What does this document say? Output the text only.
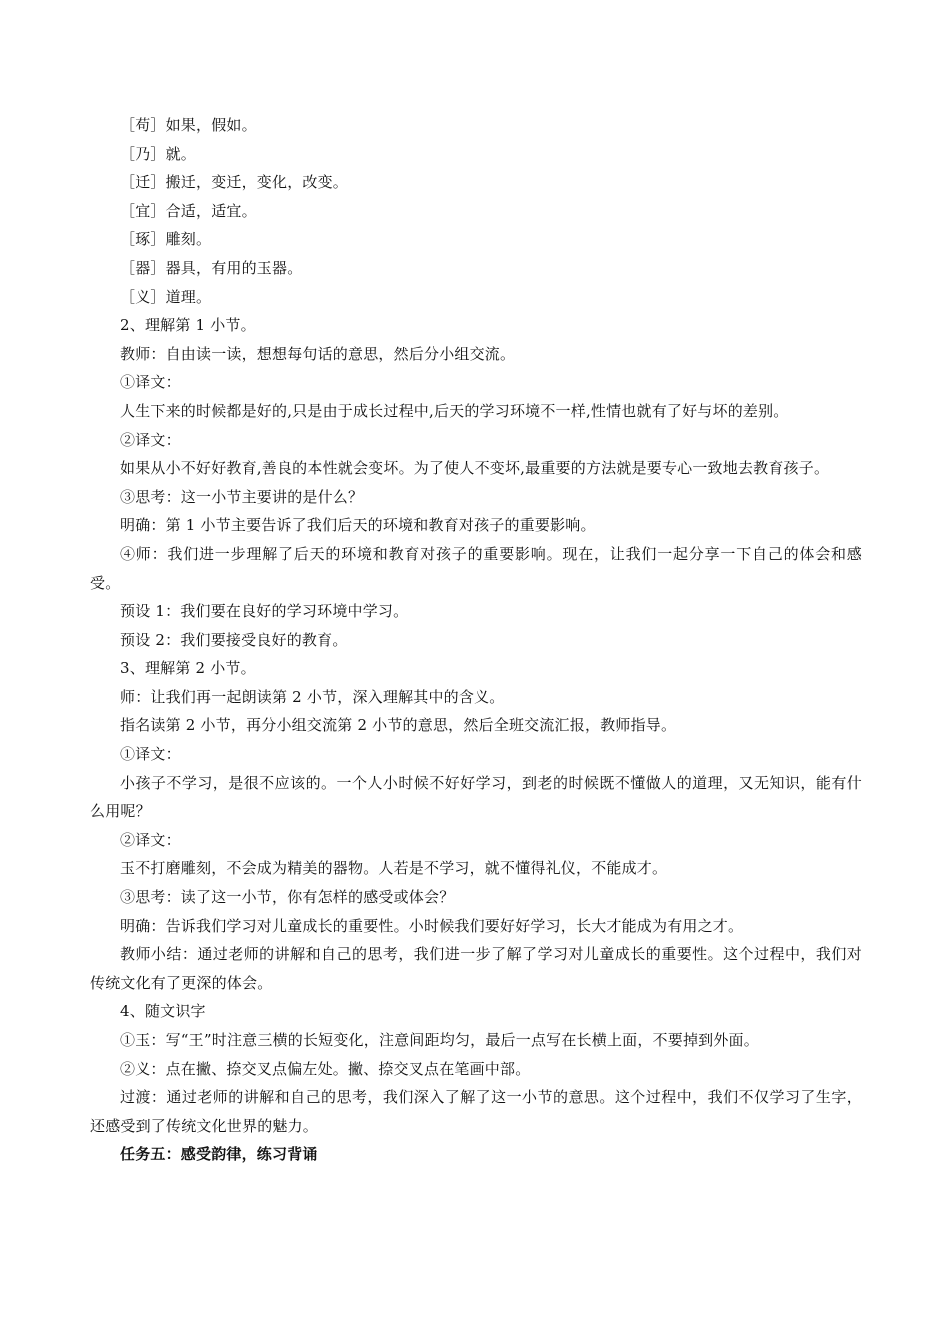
［苟］如果，假如。

［乃］就。

［迁］搬迁，变迁，变化，改变。

［宜］合适，适宜。

［琢］雕刻。

［器］器具，有用的玉器。

［义］道理。

2、理解第 1 小节。

教师：自由读一读，想想每句话的意思，然后分小组交流。

①译文：

人生下来的时候都是好的,只是由于成长过程中,后天的学习环境不一样,性情也就有了好与坏的差别。

②译文：

如果从小不好好教育,善良的本性就会变坏。为了使人不变坏,最重要的方法就是要专心一致地去教育孩子。

③思考：这一小节主要讲的是什么？

明确：第 1 小节主要告诉了我们后天的环境和教育对孩子的重要影响。

④师：我们进一步理解了后天的环境和教育对孩子的重要影响。现在，让我们一起分享一下自己的体会和感受。

预设 1：我们要在良好的学习环境中学习。

预设 2：我们要接受良好的教育。

3、理解第 2 小节。

师：让我们再一起朗读第 2 小节，深入理解其中的含义。

指名读第 2 小节，再分小组交流第 2 小节的意思，然后全班交流汇报，教师指导。

①译文：

小孩子不学习，是很不应该的。一个人小时候不好好学习，到老的时候既不懂做人的道理，又无知识，能有什么用呢？

②译文：

玉不打磨雕刻，不会成为精美的器物。人若是不学习，就不懂得礼仪，不能成才。

③思考：读了这一小节，你有怎样的感受或体会？

明确：告诉我们学习对儿童成长的重要性。小时候我们要好好学习，长大才能成为有用之才。

教师小结：通过老师的讲解和自己的思考，我们进一步了解了学习对儿童成长的重要性。这个过程中，我们对传统文化有了更深的体会。

4、随文识字

①玉：写“王”时注意三横的长短变化，注意间距均匀，最后一点写在长横上面，不要掉到外面。

②义：点在撇、捺交叉点偏左处。撇、捺交叉点在笔画中部。

过渡：通过老师的讲解和自己的思考，我们深入了解了这一小节的意思。这个过程中，我们不仅学习了生字，还感受到了传统文化世界的魅力。

任务五：感受韵律，练习背诵
